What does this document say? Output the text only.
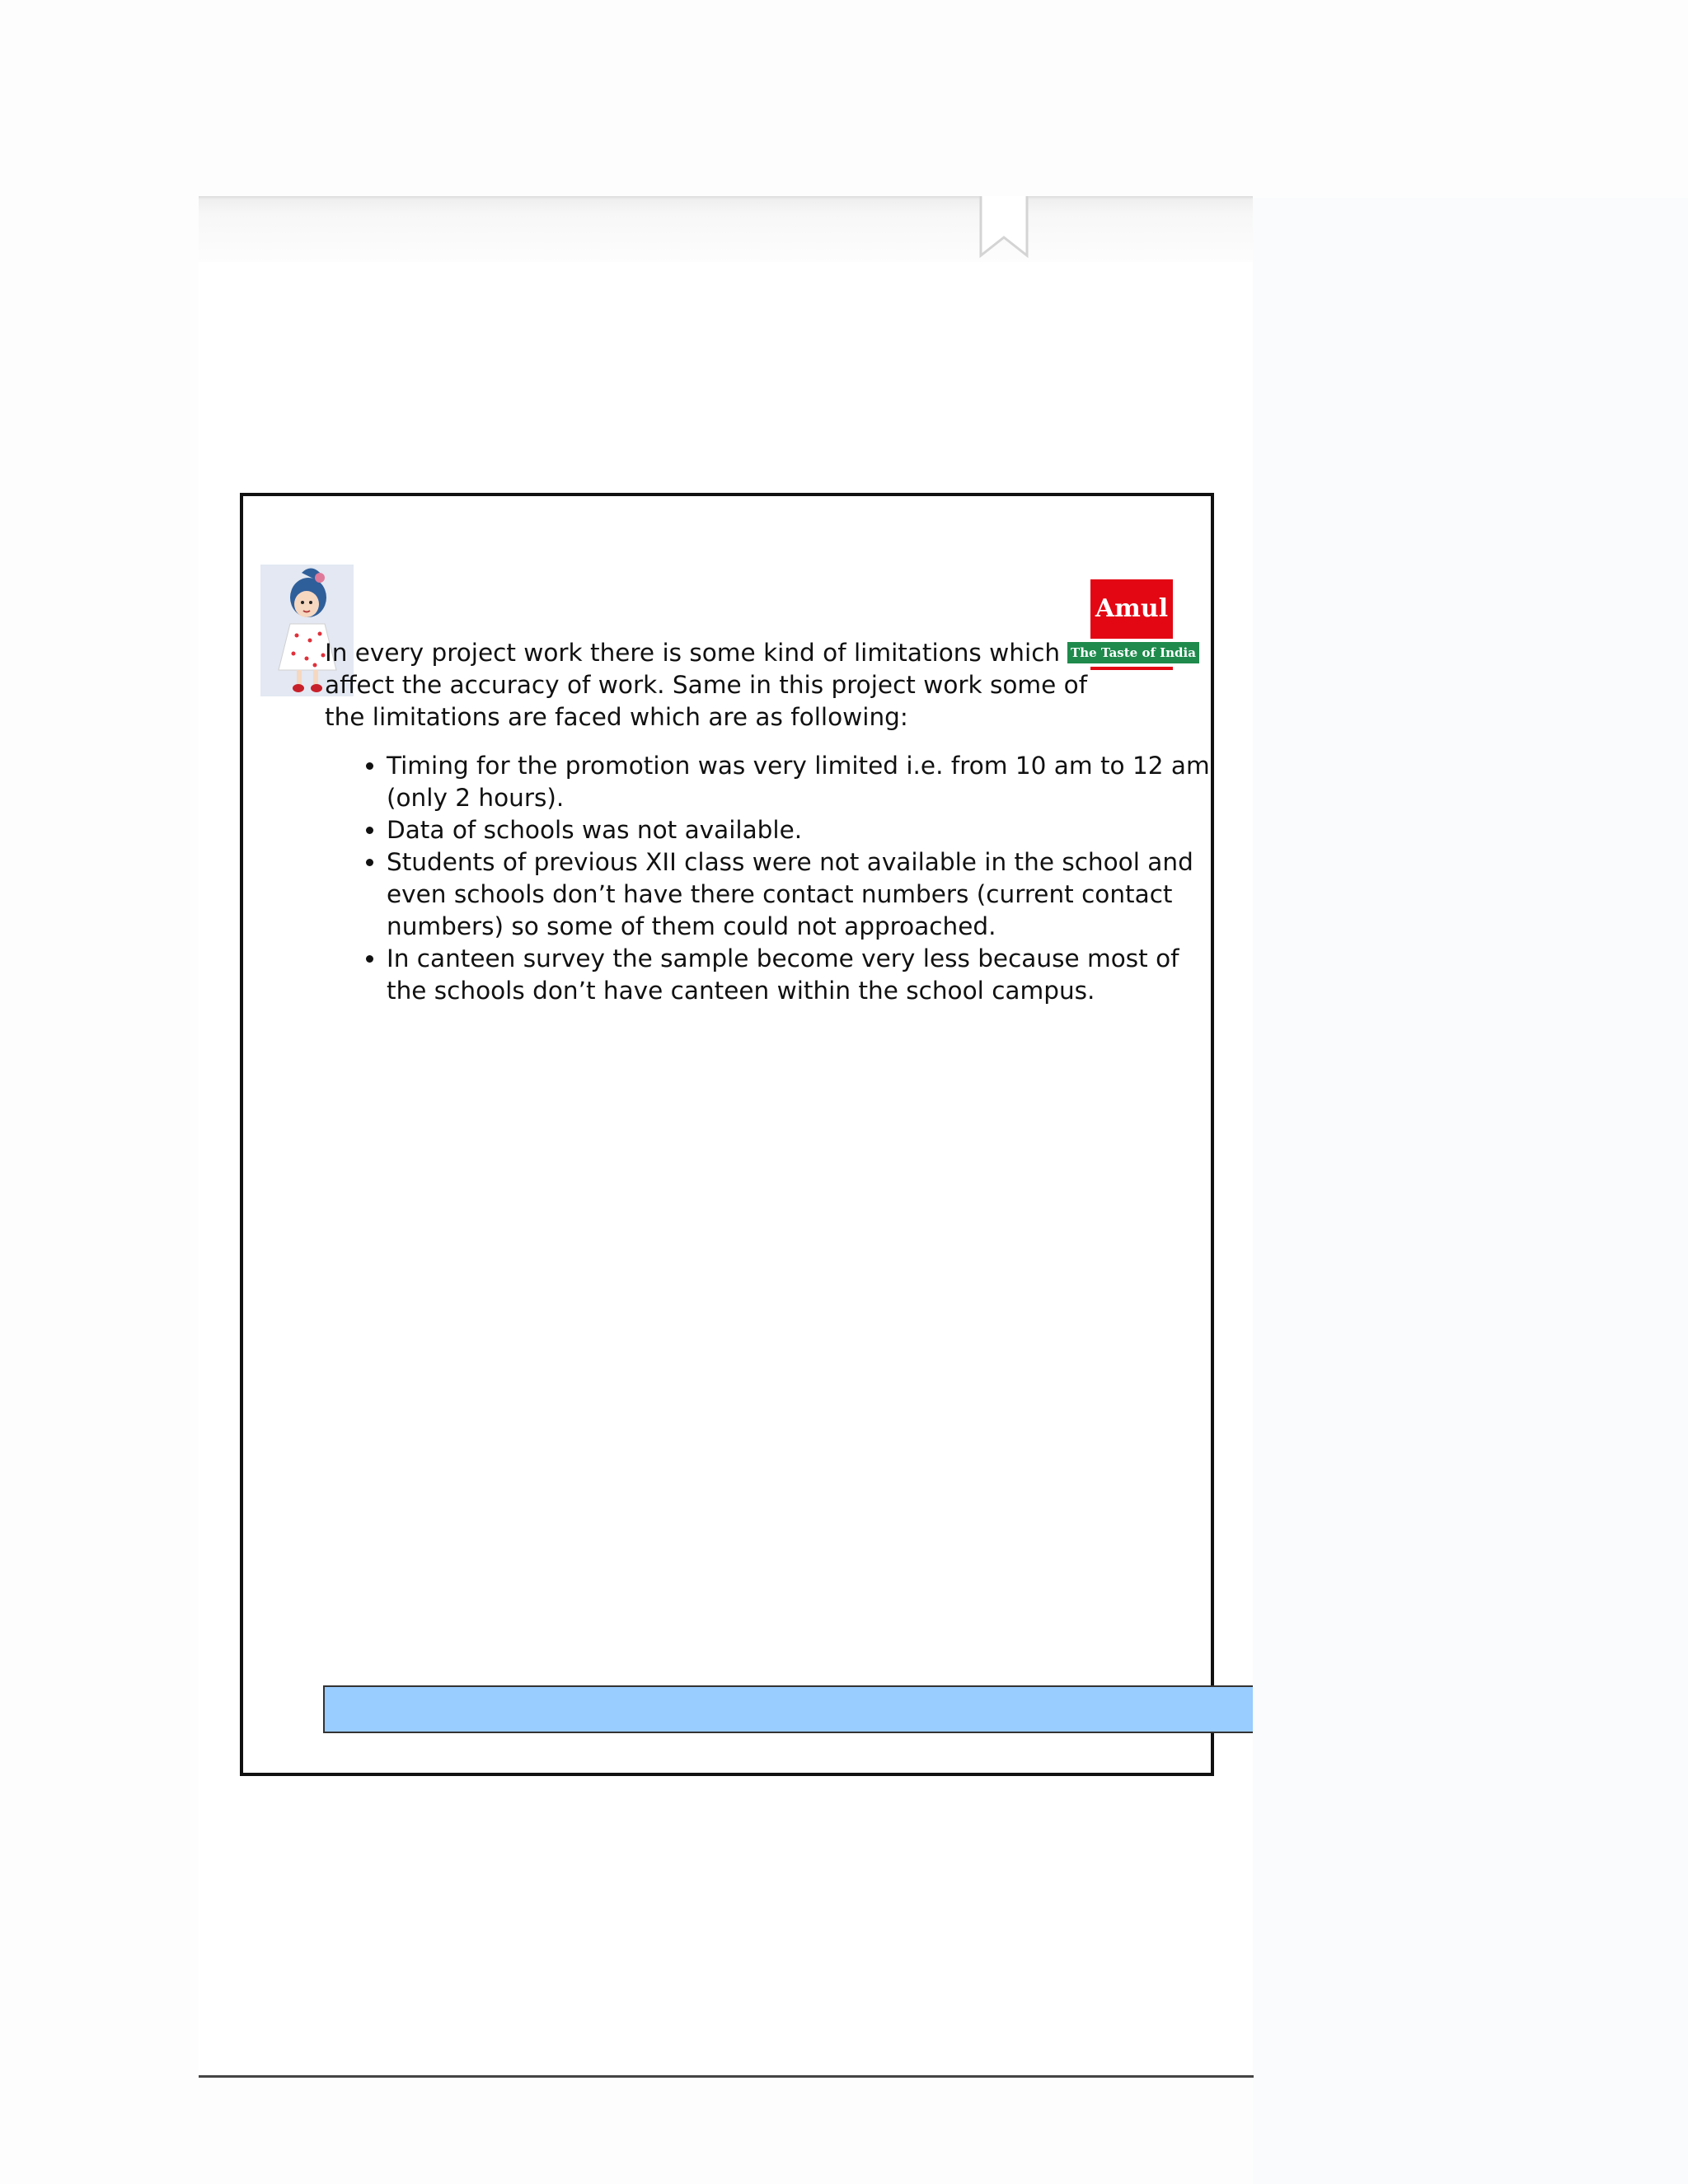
Amul
The Taste of India

In every project work there is some kind of limitations which affect the accuracy of work. Same in this project work some of the limitations are faced which are as following:

• Timing for the promotion was very limited i.e. from 10 am to 12 am (only 2 hours).
• Data of schools was not available.
• Students of previous XII class were not available in the school and even schools don’t have there contact numbers (current contact numbers) so some of them could not approached.
• In canteen survey the sample become very less because most of the schools don’t have canteen within the school campus.
